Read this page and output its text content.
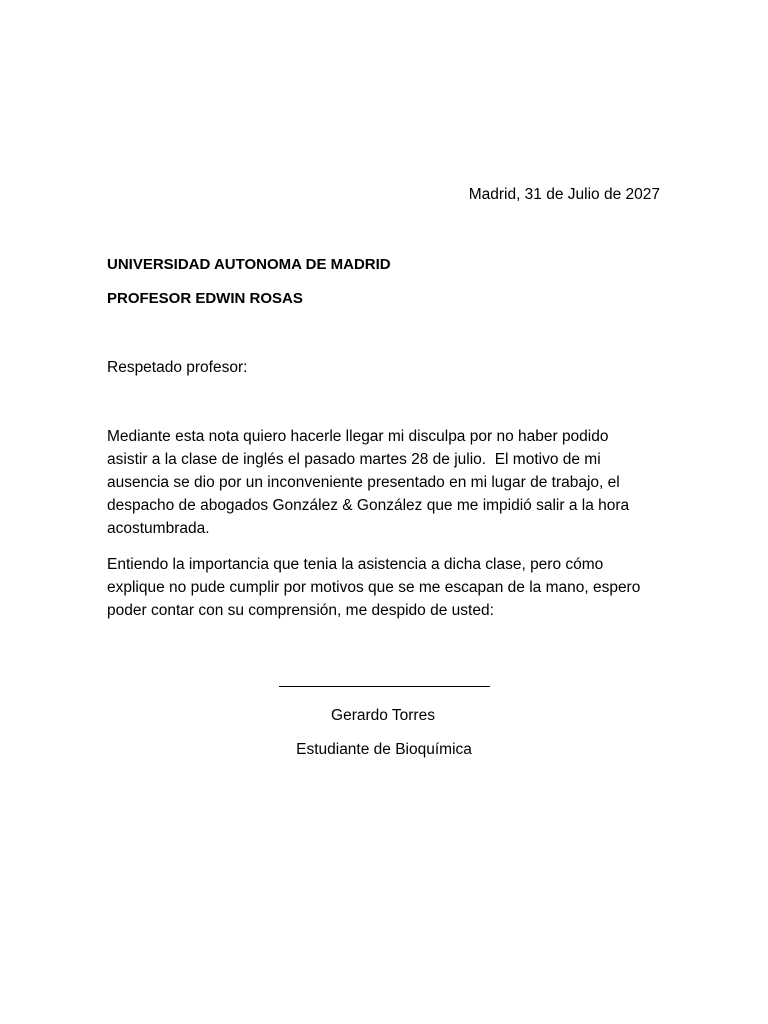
Madrid, 31 de Julio de 2027
UNIVERSIDAD AUTONOMA DE MADRID
PROFESOR EDWIN ROSAS
Respetado profesor:
Mediante esta nota quiero hacerle llegar mi disculpa por no haber podido
asistir a la clase de inglés el pasado martes 28 de julio.  El motivo de mi
ausencia se dio por un inconveniente presentado en mi lugar de trabajo, el
despacho de abogados González & González que me impidió salir a la hora
acostumbrada.
Entiendo la importancia que tenia la asistencia a dicha clase, pero cómo
explique no pude cumplir por motivos que se me escapan de la mano, espero
poder contar con su comprensión, me despido de usted:
Gerardo Torres
Estudiante de Bioquímica
